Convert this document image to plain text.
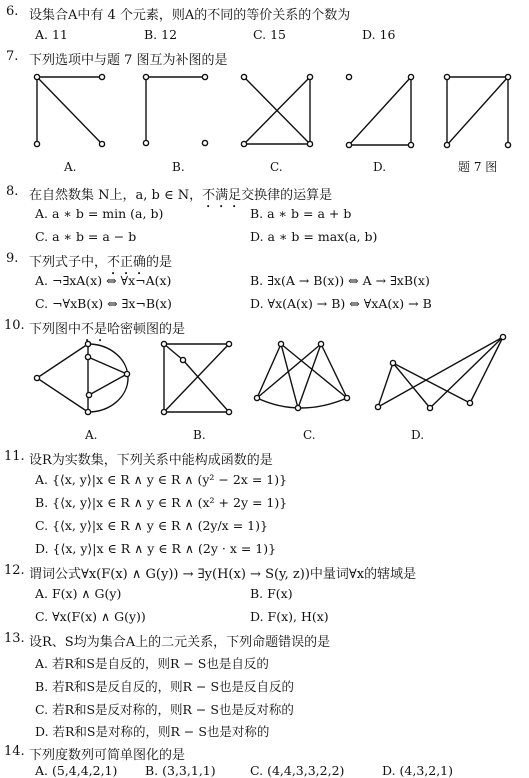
6. 设集合A中有 4 个元素，则A的不同的等价关系的个数为
A. 11	B. 12	C. 15	D. 16
7. 下列选项中与题 7 图互为补图的是
A.	B.	C.	D.	题 7 图
8. 在自然数集 N上，a, b ∈ N，不满足交换律的运算是
A. a ∗ b = min (a, b)	B. a ∗ b = a + b
C. a ∗ b = a − b	D. a ∗ b = max(a, b)
9. 下列式子中，不正确的是
A. ¬∃xA(x) ⇔ ∀x¬A(x)	B. ∃x(A → B(x)) ⇔ A → ∃xB(x)
C. ¬∀xB(x) ⇔ ∃x¬B(x)	D. ∀x(A(x) → B) ⇔ ∀xA(x) → B
10. 下列图中不是哈密顿图的是
A.	B.	C.	D.
11. 设R为实数集，下列关系中能构成函数的是
A. {⟨x, y⟩|x ∈ R ∧ y ∈ R ∧ (y² − 2x = 1)}
B. {⟨x, y⟩|x ∈ R ∧ y ∈ R ∧ (x² + 2y = 1)}
C. {⟨x, y⟩|x ∈ R ∧ y ∈ R ∧ (2y/x = 1)}
D. {⟨x, y⟩|x ∈ R ∧ y ∈ R ∧ (2y · x = 1)}
12. 谓词公式∀x(F(x) ∧ G(y)) → ∃y(H(x) → S(y, z))中量词∀x的辖域是
A. F(x) ∧ G(y)	B. F(x)
C. ∀x(F(x) ∧ G(y))	D. F(x), H(x)
13. 设R、S均为集合A上的二元关系，下列命题错误的是
A. 若R和S是自反的，则R − S也是自反的
B. 若R和S是反自反的，则R − S也是反自反的
C. 若R和S是反对称的，则R − S也是反对称的
D. 若R和S是对称的，则R − S也是对称的
14. 下列度数列可简单图化的是
A. (5,4,4,2,1) B. (3,3,1,1)	C. (4,4,3,3,2,2)	D. (4,3,2,1)
